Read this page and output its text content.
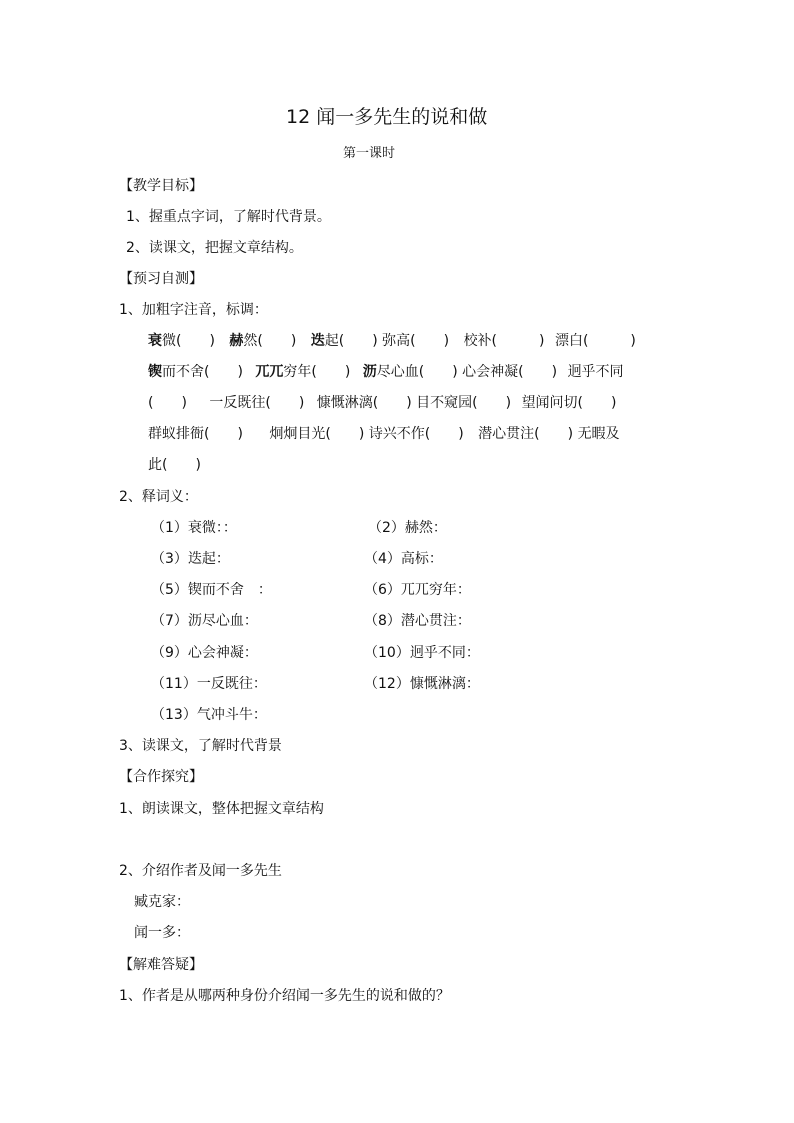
12 闻一多先生的说和做
第一课时
【教学目标】
1、握重点字词，了解时代背景。
2、读课文，把握文章结构。
【预习自测】
1、加粗字注音，标调：
衰微(　　) 赫然(　　) 迭起(　　) 弥高(　　) 校补(　　　) 漂白(　　　)
锲而不舍(　　) 兀兀穷年(　　) 沥尽心血(　　) 心会神凝(　　) 迥乎不同
(　　) 一反既往(　　) 慷慨淋漓(　　) 目不窥园(　　) 望闻问切(　　)
群蚁排衙(　　) 炯炯目光(　　) 诗兴不作(　　) 潜心贯注(　　) 无暇及
此(　　)
2、释词义：
（1）衰微：：
（3）迭起：
（5）锲而不舍　：
（7）沥尽心血：
（9）心会神凝：
（11）一反既往：
（13）气冲斗牛：
（2）赫然：
（4）高标：
（6）兀兀穷年：
（8）潜心贯注：
（10）迥乎不同：
（12）慷慨淋漓：
3、读课文，了解时代背景
【合作探究】
1、朗读课文，整体把握文章结构
2、介绍作者及闻一多先生
臧克家：
闻一多：
【解难答疑】
1、作者是从哪两种身份介绍闻一多先生的说和做的？
